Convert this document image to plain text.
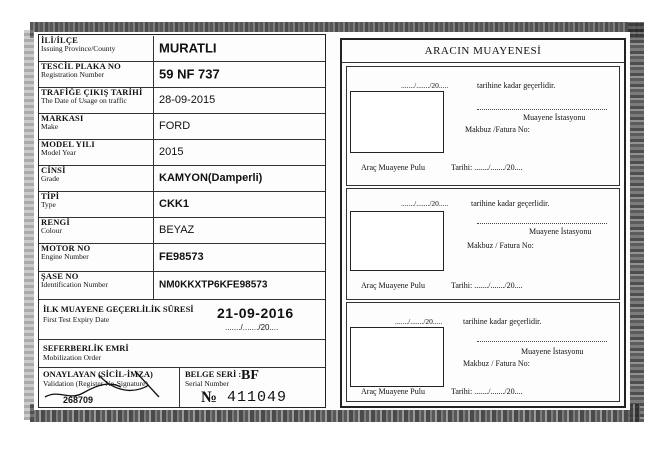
İLİ/İLÇE
Issuing Province/County	MURATLI
TESCİL PLAKA NO
Registration Number	59 NF 737
TRAFİĞE ÇIKIŞ TARİHİ
The Date of Usage on traffic	28-09-2015
MARKASI
Make	FORD
MODEL YILI
Model Year	2015
CİNSİ
Grade	KAMYON(Damperli)
TİPİ
Type	CKK1
RENGİ
Colour	BEYAZ
MOTOR NO
Engine Number	FE98573
ŞASE NO
Identification Number	NM0KKXTP6KFE98573
İLK MUAYENE GEÇERLİLİK SÜRESİ
First Test Expiry Date	21-09-2016
......./......./20....
SEFERBERLİK EMRİ
Mobilization Order
ONAYLAYAN (SİCİL-İMZA)
Validation (Register No-Signature)
268709
BELGE SERİ :
Serial Number
BF
№ 411049
ARACIN MUAYENESİ
......./......./20.....	tarihine kadar geçerlidir.
Muayene İstasyonu
Makbuz /Fatura No:
Araç Muayene Pulu	Tarihi: ......./......./20....
......./......./20.....	tarihine kadar geçerlidir.
Muayene İstasyonu
Makbuz / Fatura No:
Araç Muayene Pulu	Tarihi: ......./......./20....
......./......./20.....	tarihine kadar geçerlidir.
Muayene İstasyonu
Makbuz / Fatura No:
Araç Muayene Pulu	Tarihi: ......./......./20....
